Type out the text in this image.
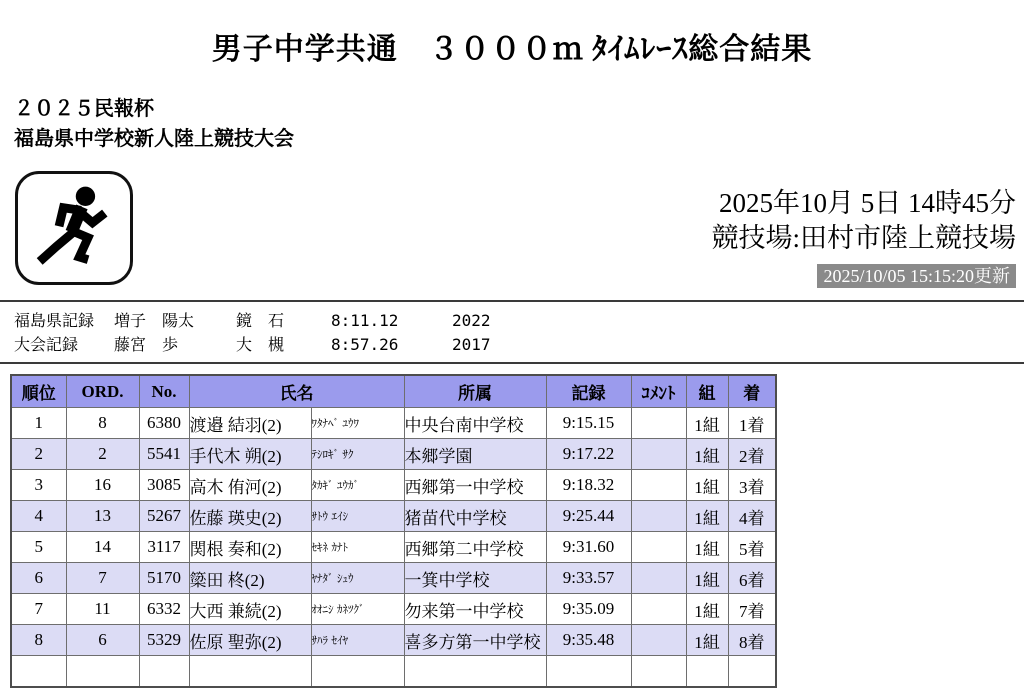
男子中学共通　３０００ｍ ﾀｲﾑﾚｰｽ総合結果
２０２５民報杯
福島県中学校新人陸上競技大会
2025年10月 5日 14時45分
競技場:田村市陸上競技場
2025/10/05 15:15:20更新
福島県記録	増子　陽太	鏡　石	8:11.12	2022
大会記録	藤宮　歩	大　槻	8:57.26	2017
順位	ORD.	No.	氏名		所属	記録	ｺﾒﾝﾄ	組	着
1	8	6380	渡邉 結羽(2)	ﾜﾀﾅﾍﾞ ﾕｳﾜ	中央台南中学校	9:15.15		1組	1着
2	2	5541	手代木 朔(2)	ﾃｼﾛｷﾞ ｻｸ	本郷学園	9:17.22		1組	2着
3	16	3085	高木 侑河(2)	ﾀｶｷﾞ ﾕｳｶﾞ	西郷第一中学校	9:18.32		1組	3着
4	13	5267	佐藤 瑛史(2)	ｻﾄｳ ｴｲｼ	猪苗代中学校	9:25.44		1組	4着
5	14	3117	関根 奏和(2)	ｾｷﾈ ｶﾅﾄ	西郷第二中学校	9:31.60		1組	5着
6	7	5170	簗田 柊(2)	ﾔﾅﾀﾞ ｼｭｳ	一箕中学校	9:33.57		1組	6着
7	11	6332	大西 兼続(2)	ｵｵﾆｼ ｶﾈﾂｸﾞ	勿来第一中学校	9:35.09		1組	7着
8	6	5329	佐原 聖弥(2)	ｻﾊﾗ ｾｲﾔ	喜多方第一中学校	9:35.48		1組	8着
